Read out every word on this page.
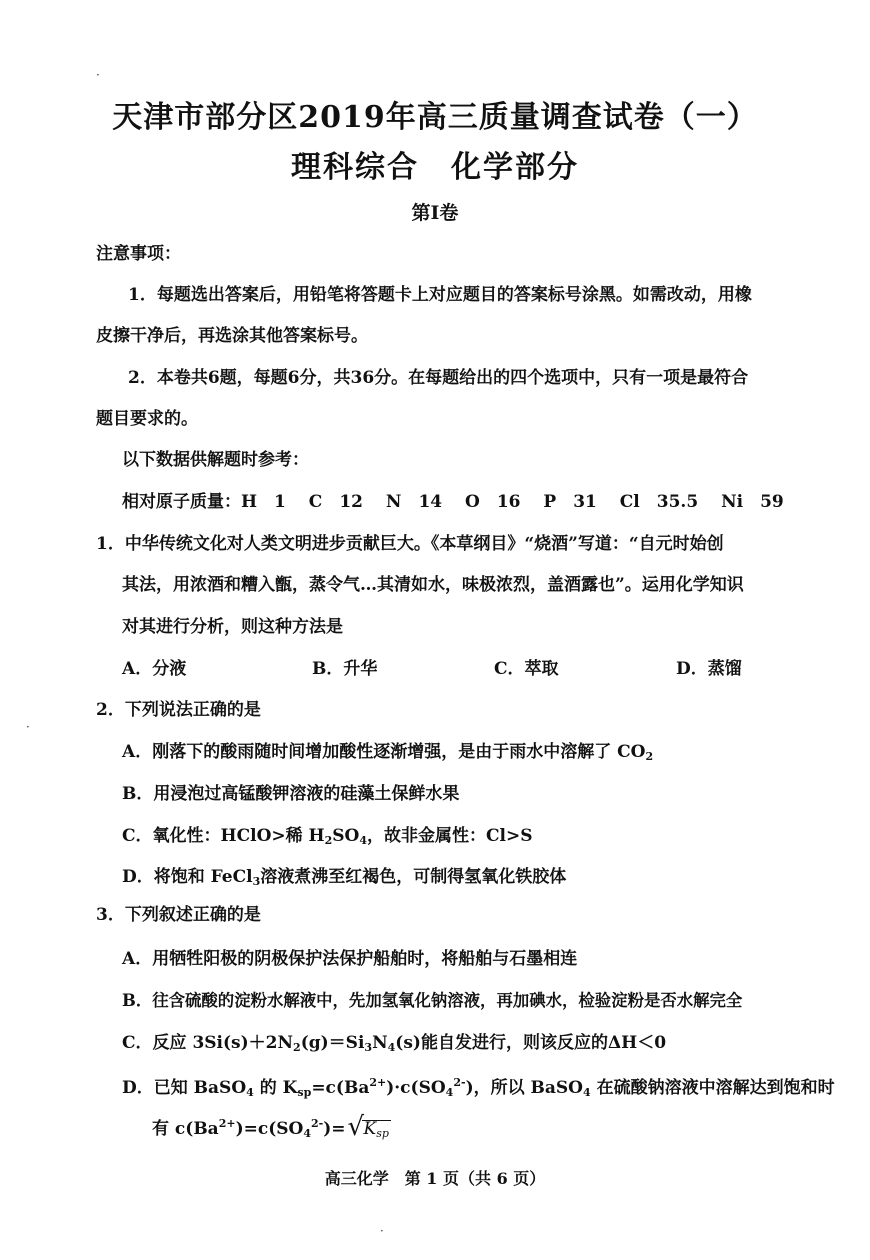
天津市部分区2019年高三质量调查试卷（一）
理科综合　化学部分
第Ⅰ卷
注意事项：
1．每题选出答案后，用铅笔将答题卡上对应题目的答案标号涂黑。如需改动，用橡
皮擦干净后，再选涂其他答案标号。
2．本卷共6题，每题6分，共36分。在每题给出的四个选项中，只有一项是最符合
题目要求的。
以下数据供解题时参考：
相对原子质量：H　1　 C　12　 N　14　 O　16　 P　31　 Cl　35.5　 Ni　59
1．中华传统文化对人类文明进步贡献巨大。《本草纲目》“烧酒”写道：“自元时始创
其法，用浓酒和糟入甑，蒸令气…其清如水，味极浓烈，盖酒露也”。运用化学知识
对其进行分析，则这种方法是
A．分液	B．升华	C．萃取	D．蒸馏
2．下列说法正确的是
A．刚落下的酸雨随时间增加酸性逐渐增强，是由于雨水中溶解了 $CO_2$
B．用浸泡过高锰酸钾溶液的硅藻土保鲜水果
C．氧化性：HClO>稀 $H_2SO_4$，故非金属性：Cl>S
D．将饱和 FeCl$_3$溶液煮沸至红褐色，可制得氢氧化铁胶体
3．下列叙述正确的是
A．用牺牲阳极的阴极保护法保护船舶时，将船舶与石墨相连
B．往含硫酸的淀粉水解液中，先加氢氧化钠溶液，再加碘水，检验淀粉是否水解完全
C．反应 $3Si(s)+2N_2(g)=Si_3N_4(s)$能自发进行，则该反应的ΔH＜0
D．已知 BaSO$_4$ 的 $K_{sp}=c(Ba^{2+})\cdot c(SO_4^{2-})$，所以 BaSO$_4$ 在硫酸钠溶液中溶解达到饱和时
有 $c(Ba^{2+})=c(SO_4^{2-})=$ √ $K_{sp}$
高三化学　第 1 页（共 6 页）
·
·
·
